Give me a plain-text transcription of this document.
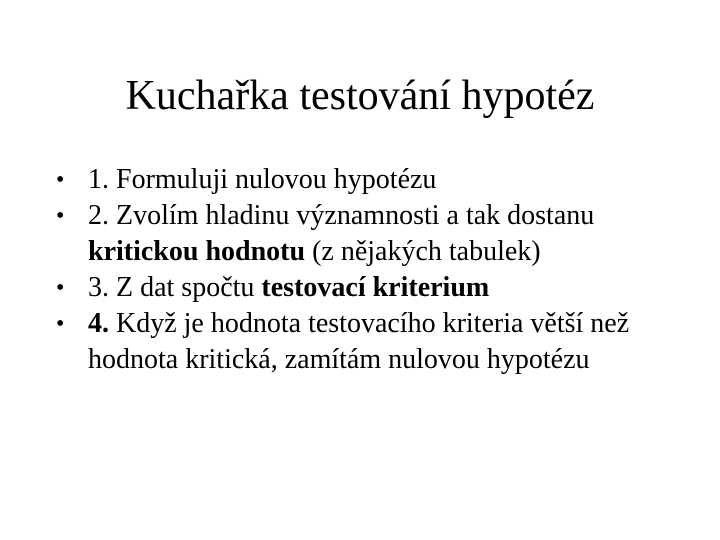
Kuchařka testování hypotéz
• 1. Formuluji nulovou hypotézu
• 2. Zvolím hladinu významnosti a tak dostanu kritickou hodnotu (z nějakých tabulek)
• 3. Z dat spočtu testovací kriterium
• 4. Když je hodnota testovacího kriteria větší než hodnota kritická, zamítám nulovou hypotézu
